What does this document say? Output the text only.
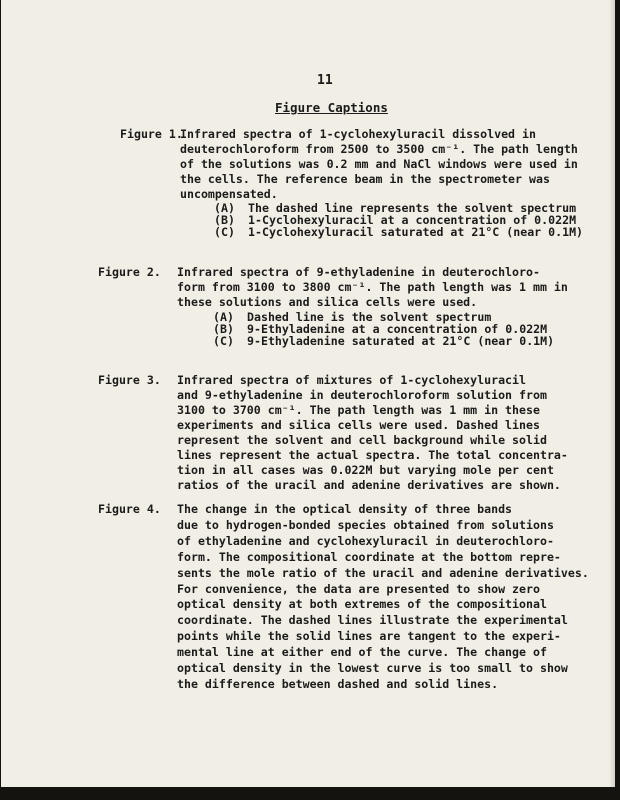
11
Figure Captions
Figure 1.
Infrared spectra of 1-cyclohexyluracil dissolved in
deuterochloroform from 2500 to 3500 cm⁻¹. The path length
of the solutions was 0.2 mm and NaCl windows were used in
the cells. The reference beam in the spectrometer was
uncompensated.
(A) The dashed line represents the solvent spectrum
(B) 1-Cyclohexyluracil at a concentration of 0.022M
(C) 1-Cyclohexyluracil saturated at 21°C (near 0.1M)
Figure 2. Infrared spectra of 9-ethyladenine in deuterochloro-
form from 3100 to 3800 cm⁻¹. The path length was 1 mm in
these solutions and silica cells were used.
(A) Dashed line is the solvent spectrum
(B) 9-Ethyladenine at a concentration of 0.022M
(C) 9-Ethyladenine saturated at 21°C (near 0.1M)
Figure 3. Infrared spectra of mixtures of 1-cyclohexyluracil
and 9-ethyladenine in deuterochloroform solution from
3100 to 3700 cm⁻¹. The path length was 1 mm in these
experiments and silica cells were used. Dashed lines
represent the solvent and cell background while solid
lines represent the actual spectra. The total concentra-
tion in all cases was 0.022M but varying mole per cent
ratios of the uracil and adenine derivatives are shown.
Figure 4. The change in the optical density of three bands
due to hydrogen-bonded species obtained from solutions
of ethyladenine and cyclohexyluracil in deuterochloro-
form. The compositional coordinate at the bottom repre-
sents the mole ratio of the uracil and adenine derivatives.
For convenience, the data are presented to show zero
optical density at both extremes of the compositional
coordinate. The dashed lines illustrate the experimental
points while the solid lines are tangent to the experi-
mental line at either end of the curve. The change of
optical density in the lowest curve is too small to show
the difference between dashed and solid lines.
